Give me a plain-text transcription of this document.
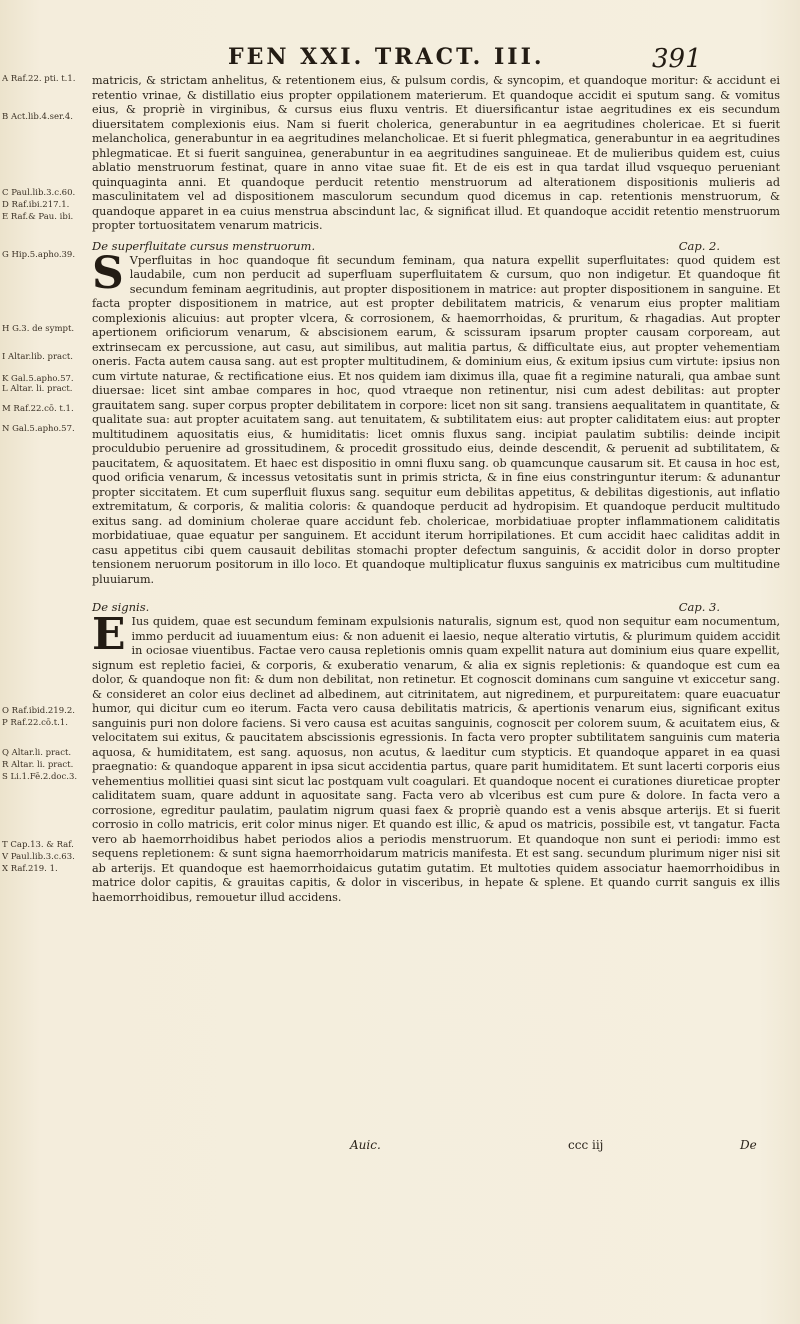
FEN XXI. TRACT. III.	391
A Raf.22. pti. t.1.
B Act.lib.4.ser.4.
C Paul.lib.3.c.60.
D Raf.ibi.217.1.
E Raf.& Pau. ibi.
G Hip.5.apho.39.
H G.3. de sympt.
I Altar.lib. pract.
K Gal.5.apho.57.
L Altar. li. pract.
M Raf.22.cō. t.1.
N Gal.5.apho.57.
O Raf.ibid.219.2.
P Raf.22.cō.t.1.
Q Altar.li. pract.
R Altar. li. pract.
S Li.1.Fē.2.doc.3.
T Cap.13. & Raf.
V Paul.lib.3.c.63.
X Raf.219. 1.

matricis, & strictam anhelitus, & retentionem eius, & pulsum cordis, & syncopim, et quandoque moritur: & accidunt ei retentio vrinae, & distillatio eius propter oppilationem materierum. Et quandoque accidit ei sputum sang. & vomitus eius, & propriè in virginibus, & cursus eius fluxu ventris. Et diuersificantur istae aegritudines ex eis secundum diuersitatem complexionis eius. Nam si fuerit cholerica, generabuntur in ea aegritudines cholericae. Et si fuerit melancholica, generabuntur in ea aegritudines melancholicae. Et si fuerit phlegmatica, generabuntur in ea aegritudines phlegmaticae. Et si fuerit sanguinea, generabuntur in ea aegritudines sanguineae. Et de mulieribus quidem est, cuius ablatio menstruorum festinat, quare in anno vitae suae fit. Et de eis est in qua tardat illud vsquequo perueniant quinquaginta anni. Et quandoque perducit retentio menstruorum ad alterationem dispositionis mulieris ad masculinitatem vel ad dispositionem masculorum secundum quod dicemus in cap. retentionis menstruorum, & quandoque apparet in ea cuius menstrua abscindunt lac, & significat illud. Et quandoque accidit retentio menstruorum propter tortuositatem venarum matricis.

De superfluitate cursus menstruorum.	Cap. 2.

S Vperfluitas in hoc quandoque fit secundum feminam, qua natura expellit superfluitates: quod quidem est laudabile, cum non perducit ad superfluam superfluitatem & cursum, quo non indigetur. Et quandoque fit secundum feminam aegritudinis, aut propter dispositionem in matrice: aut propter dispositionem in sanguine. Et facta propter dispositionem in matrice, aut est propter debilitatem matricis, & venarum eius propter malitiam complexionis alicuius: aut propter vlcera, & corrosionem, & haemorrhoidas, & pruritum, & rhagadias. Aut propter apertionem orificiorum venarum, & abscisionem earum, & scissuram ipsarum propter causam corpoream, aut extrinsecam ex percussione, aut casu, aut similibus, aut malitia partus, & difficultate eius, aut propter vehementiam oneris. Facta autem causa sang. aut est propter multitudinem, & dominium eius, & exitum ipsius cum virtute: ipsius non cum virtute naturae, & rectificatione eius. Et nos quidem iam diximus illa, quae fit a regimine naturali, qua ambae sunt diuersae: licet sint ambae compares in hoc, quod vtraeque non retinentur, nisi cum adest debilitas: aut propter grauitatem sang. super corpus propter debilitatem in corpore: licet non sit sang. transiens aequalitatem in quantitate, & qualitate sua: aut propter acuitatem sang. aut tenuitatem, & subtilitatem eius: aut propter caliditatem eius: aut propter multitudinem aquositatis eius, & humiditatis: licet omnis fluxus sang. incipiat paulatim subtilis: deinde incipit proculdubio peruenire ad grossitudinem, & procedit grossitudo eius, deinde descendit, & peruenit ad subtilitatem, & paucitatem, & aquositatem. Et haec est dispositio in omni fluxu sang. ob quamcunque causarum sit. Et causa in hoc est, quod orificia venarum, & incessus vetositatis sunt in primis stricta, & in fine eius constringuntur iterum: & adunantur propter siccitatem. Et cum superfluit fluxus sang. sequitur eum debilitas appetitus, & debilitas digestionis, aut inflatio extremitatum, & corporis, & malitia coloris: & quandoque perducit ad hydropisim. Et quandoque perducit multitudo exitus sang. ad dominium cholerae quare accidunt feb. cholericae, morbidatiuae propter inflammationem caliditatis morbidatiuae, quae equatur per sanguinem. Et accidunt iterum horripilationes. Et cum accidit haec caliditas addit in casu appetitus cibi quem causauit debilitas stomachi propter defectum sanguinis, & accidit dolor in dorso propter tensionem neruorum positorum in illo loco. Et quandoque multiplicatur fluxus sanguinis ex matricibus cum multitudine pluuiarum.

De signis.	Cap. 3.

E Ius quidem, quae est secundum feminam expulsionis naturalis, signum est, quod non sequitur eam nocumentum, immo perducit ad iuuamentum eius: & non aduenit ei laesio, neque alteratio virtutis, & plurimum quidem accidit in ociosae viuentibus. Factae vero causa repletionis omnis quam expellit natura aut dominium eius quare expellit, signum est repletio faciei, & corporis, & exuberatio venarum, & alia ex signis repletionis: & quandoque est cum ea dolor, & quandoque non fit: & dum non debilitat, non retinetur. Et cognoscit dominans cum sanguine vt exiccetur sang. & consideret an color eius declinet ad albedinem, aut citrinitatem, aut nigredinem, et purpureitatem: quare euacuatur humor, qui dicitur cum eo iterum. Facta vero causa debilitatis matricis, & apertionis venarum eius, significant exitus sanguinis puri non dolore faciens. Si vero causa est acuitas sanguinis, cognoscit per colorem suum, & acuitatem eius, & velocitatem sui exitus, & paucitatem abscissionis egressionis. In facta vero propter subtilitatem sanguinis cum materia aquosa, & humiditatem, est sang. aquosus, non acutus, & laeditur cum stypticis. Et quandoque apparet in ea quasi praegnatio: & quandoque apparent in ipsa sicut accidentia partus, quare parit humiditatem. Et sunt lacerti corporis eius vehementius mollitiei quasi sint sicut lac postquam vult coagulari. Et quandoque nocent ei curationes diureticae propter caliditatem suam, quare addunt in aquositate sang. Facta vero ab vlceribus est cum pure & dolore. In facta vero a corrosione, egreditur paulatim, paulatim nigrum quasi faex & propriè quando est a venis absque arterijs. Et si fuerit corrosio in collo matricis, erit color minus niger. Et quando est illic, & apud os matricis, possibile est, vt tangatur. Facta vero ab haemorrhoidibus habet periodos alios a periodis menstruorum. Et quandoque non sunt ei periodi: immo est sequens repletionem: & sunt signa haemorrhoidarum matricis manifesta. Et est sang. secundum plurimum niger nisi sit ab arterijs. Et quandoque est haemorrhoidaicus gutatim gutatim. Et multoties quidem associatur haemorrhoidibus in matrice dolor capitis, & grauitas capitis, & dolor in visceribus, in hepate & splene. Et quando currit sanguis ex illis haemorrhoidibus, remouetur illud accidens.

Auic.	ccc iij	De
